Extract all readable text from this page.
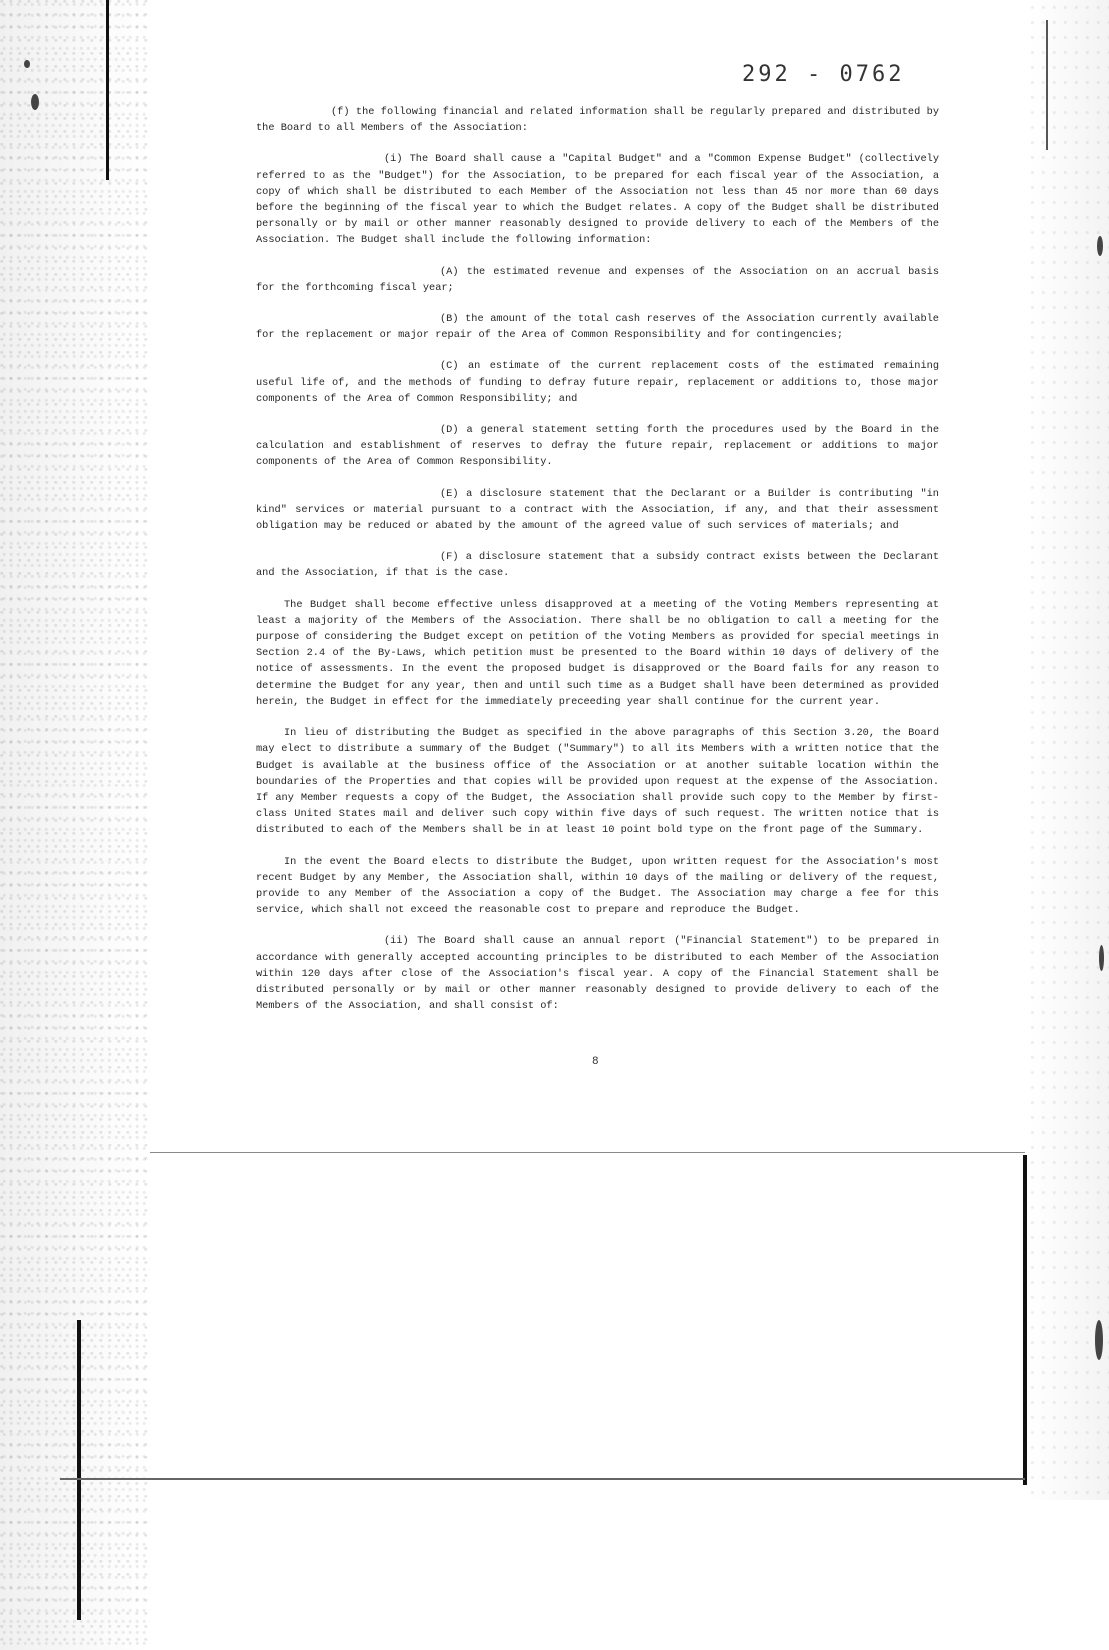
292 - 0762

(f) the following financial and related information shall be regularly prepared and distributed by the Board to all Members of the Association:

(i) The Board shall cause a "Capital Budget" and a "Common Expense Budget" (collectively referred to as the "Budget") for the Association, to be prepared for each fiscal year of the Association, a copy of which shall be distributed to each Member of the Association not less than 45 nor more than 60 days before the beginning of the fiscal year to which the Budget relates. A copy of the Budget shall be distributed personally or by mail or other manner reasonably designed to provide delivery to each of the Members of the Association. The Budget shall include the following information:

(A) the estimated revenue and expenses of the Association on an accrual basis for the forthcoming fiscal year;

(B) the amount of the total cash reserves of the Association currently available for the replacement or major repair of the Area of Common Responsibility and for contingencies;

(C) an estimate of the current replacement costs of the estimated remaining useful life of, and the methods of funding to defray future repair, replacement or additions to, those major components of the Area of Common Responsibility; and

(D) a general statement setting forth the procedures used by the Board in the calculation and establishment of reserves to defray the future repair, replacement or additions to major components of the Area of Common Responsibility.

(E) a disclosure statement that the Declarant or a Builder is contributing "in kind" services or material pursuant to a contract with the Association, if any, and that their assessment obligation may be reduced or abated by the amount of the agreed value of such services of materials; and

(F) a disclosure statement that a subsidy contract exists between the Declarant and the Association, if that is the case.

The Budget shall become effective unless disapproved at a meeting of the Voting Members representing at least a majority of the Members of the Association. There shall be no obligation to call a meeting for the purpose of considering the Budget except on petition of the Voting Members as provided for special meetings in Section 2.4 of the By-Laws, which petition must be presented to the Board within 10 days of delivery of the notice of assessments. In the event the proposed budget is disapproved or the Board fails for any reason to determine the Budget for any year, then and until such time as a Budget shall have been determined as provided herein, the Budget in effect for the immediately preceeding year shall continue for the current year.

In lieu of distributing the Budget as specified in the above paragraphs of this Section 3.20, the Board may elect to distribute a summary of the Budget ("Summary") to all its Members with a written notice that the Budget is available at the business office of the Association or at another suitable location within the boundaries of the Properties and that copies will be provided upon request at the expense of the Association. If any Member requests a copy of the Budget, the Association shall provide such copy to the Member by first-class United States mail and deliver such copy within five days of such request. The written notice that is distributed to each of the Members shall be in at least 10 point bold type on the front page of the Summary.

In the event the Board elects to distribute the Budget, upon written request for the Association's most recent Budget by any Member, the Association shall, within 10 days of the mailing or delivery of the request, provide to any Member of the Association a copy of the Budget. The Association may charge a fee for this service, which shall not exceed the reasonable cost to prepare and reproduce the Budget.

(ii) The Board shall cause an annual report ("Financial Statement") to be prepared in accordance with generally accepted accounting principles to be distributed to each Member of the Association within 120 days after close of the Association's fiscal year. A copy of the Financial Statement shall be distributed personally or by mail or other manner reasonably designed to provide delivery to each of the Members of the Association, and shall consist of:

8
